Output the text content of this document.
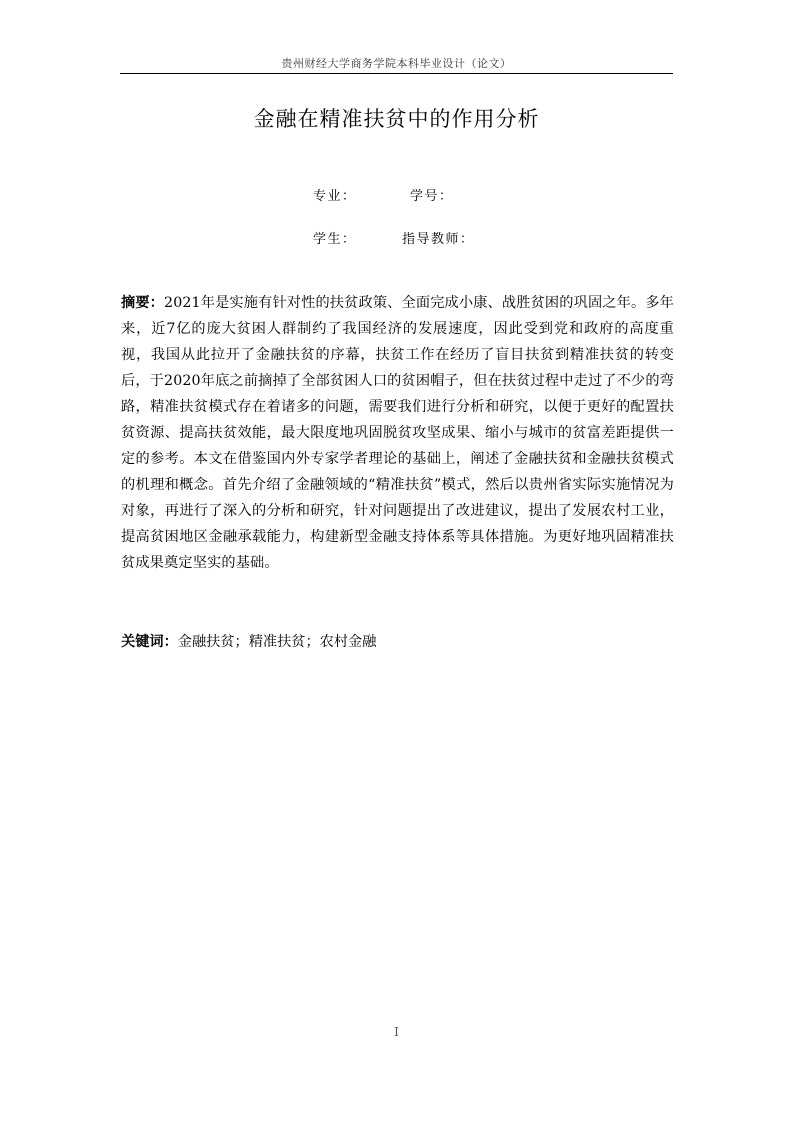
贵州财经大学商务学院本科毕业设计（论文）
金融在精准扶贫中的作用分析
专业：	学号：
学生：	指导教师：
摘要：2021年是实施有针对性的扶贫政策、全面完成小康、战胜贫困的巩固之年。多年来，近7亿的庞大贫困人群制约了我国经济的发展速度，因此受到党和政府的高度重视，我国从此拉开了金融扶贫的序幕，扶贫工作在经历了盲目扶贫到精准扶贫的转变后，于2020年底之前摘掉了全部贫困人口的贫困帽子，但在扶贫过程中走过了不少的弯路，精准扶贫模式存在着诸多的问题，需要我们进行分析和研究，以便于更好的配置扶贫资源、提高扶贫效能，最大限度地巩固脱贫攻坚成果、缩小与城市的贫富差距提供一定的参考。本文在借鉴国内外专家学者理论的基础上，阐述了金融扶贫和金融扶贫模式的机理和概念。首先介绍了金融领域的“精准扶贫”模式，然后以贵州省实际实施情况为对象，再进行了深入的分析和研究，针对问题提出了改进建议，提出了发展农村工业，提高贫困地区金融承载能力，构建新型金融支持体系等具体措施。为更好地巩固精准扶贫成果奠定坚实的基础。
关键词：金融扶贫；精准扶贫；农村金融
I
